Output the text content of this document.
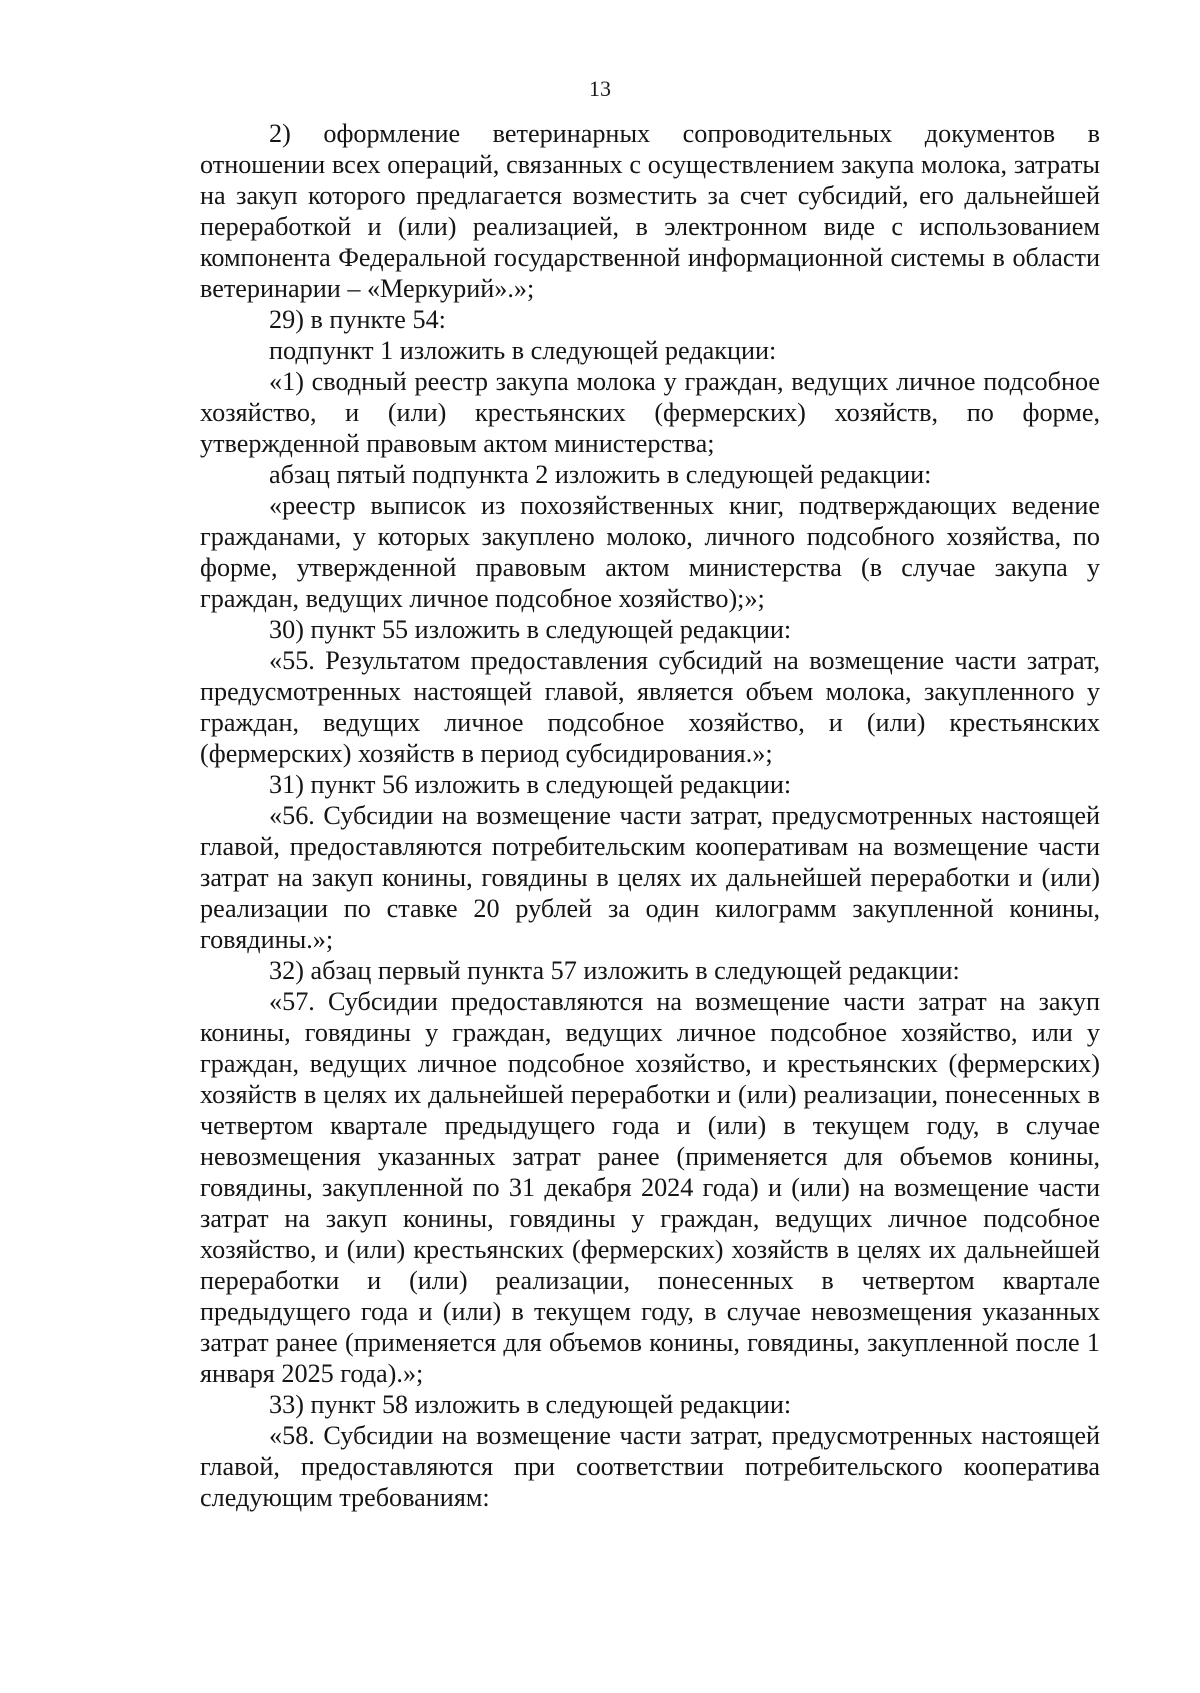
13

2) оформление ветеринарных сопроводительных документов в отношении всех операций, связанных с осуществлением закупа молока, затраты на закуп которого предлагается возместить за счет субсидий, его дальнейшей переработкой и (или) реализацией, в электронном виде с использованием компонента Федеральной государственной информационной системы в области ветеринарии – «Меркурий».»;

29) в пункте 54:

подпункт 1 изложить в следующей редакции:

«1) сводный реестр закупа молока у граждан, ведущих личное подсобное хозяйство, и (или) крестьянских (фермерских) хозяйств, по форме, утвержденной правовым актом министерства;

абзац пятый подпункта 2 изложить в следующей редакции:

«реестр выписок из похозяйственных книг, подтверждающих ведение гражданами, у которых закуплено молоко, личного подсобного хозяйства, по форме, утвержденной правовым актом министерства (в случае закупа у граждан, ведущих личное подсобное хозяйство);»;

30) пункт 55 изложить в следующей редакции:

«55. Результатом предоставления субсидий на возмещение части затрат, предусмотренных настоящей главой, является объем молока, закупленного у граждан, ведущих личное подсобное хозяйство, и (или) крестьянских (фермерских) хозяйств в период субсидирования.»;

31) пункт 56 изложить в следующей редакции:

«56. Субсидии на возмещение части затрат, предусмотренных настоящей главой, предоставляются потребительским кооперативам на возмещение части затрат на закуп конины, говядины в целях их дальнейшей переработки и (или) реализации по ставке 20 рублей за один килограмм закупленной конины, говядины.»;

32) абзац первый пункта 57 изложить в следующей редакции:

«57. Субсидии предоставляются на возмещение части затрат на закуп конины, говядины у граждан, ведущих личное подсобное хозяйство, или у граждан, ведущих личное подсобное хозяйство, и крестьянских (фермерских) хозяйств в целях их дальнейшей переработки и (или) реализации, понесенных в четвертом квартале предыдущего года и (или) в текущем году, в случае невозмещения указанных затрат ранее (применяется для объемов конины, говядины, закупленной по 31 декабря 2024 года) и (или) на возмещение части затрат на закуп конины, говядины у граждан, ведущих личное подсобное хозяйство, и (или) крестьянских (фермерских) хозяйств в целях их дальнейшей переработки и (или) реализации, понесенных в четвертом квартале предыдущего года и (или) в текущем году, в случае невозмещения указанных затрат ранее (применяется для объемов конины, говядины, закупленной после 1 января 2025 года).»;

33) пункт 58 изложить в следующей редакции:

«58. Субсидии на возмещение части затрат, предусмотренных настоящей главой, предоставляются при соответствии потребительского кооператива следующим требованиям:
